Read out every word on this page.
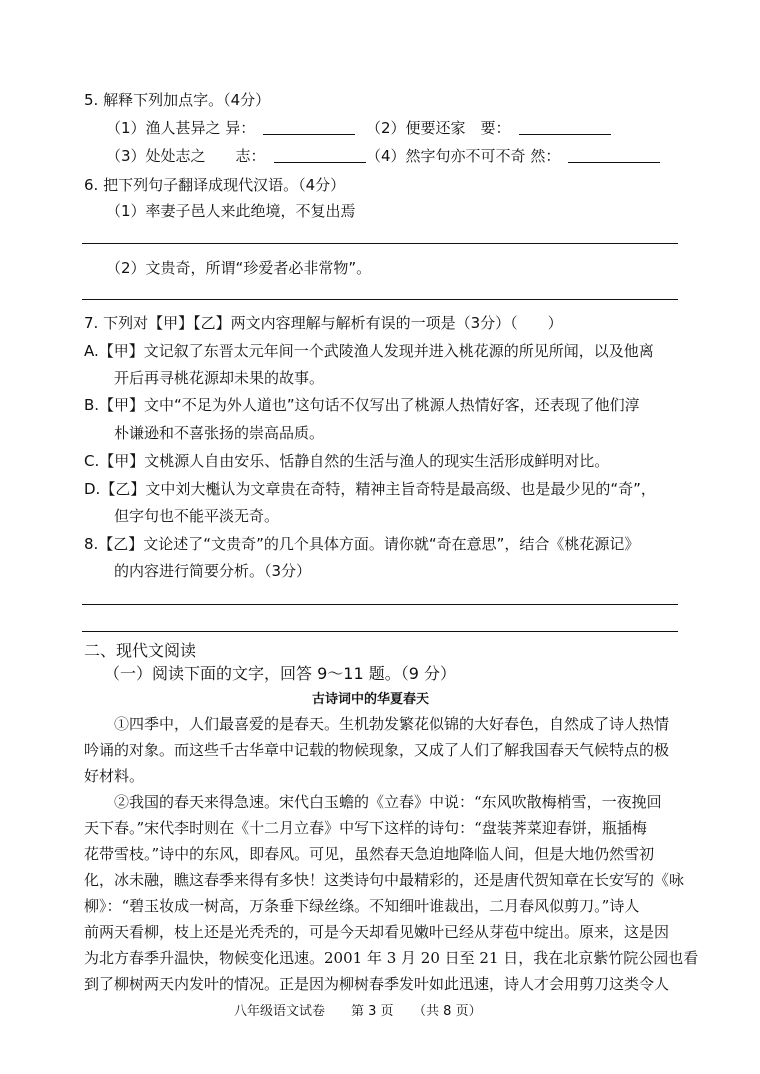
5. 解释下列加点字。（4分）
（1）渔人甚异之 异：	（2）便要还家　要：
（3）处处志之　　志：	（4）然字句亦不可不奇 然：
6. 把下列句子翻译成现代汉语。（4分）
（1）率妻子邑人来此绝境，不复出焉
（2）文贵奇，所谓“珍爱者必非常物”。
7. 下列对【甲】【乙】两文内容理解与解析有误的一项是（3分）（　　）
A.【甲】文记叙了东晋太元年间一个武陵渔人发现并进入桃花源的所见所闻，以及他离
开后再寻桃花源却未果的故事。
B.【甲】文中“不足为外人道也”这句话不仅写出了桃源人热情好客，还表现了他们淳
朴谦逊和不喜张扬的崇高品质。
C.【甲】文桃源人自由安乐、恬静自然的生活与渔人的现实生活形成鲜明对比。
D.【乙】文中刘大櫆认为文章贵在奇特，精神主旨奇特是最高级、也是最少见的“奇”，
但字句也不能平淡无奇。
8.【乙】文论述了“文贵奇”的几个具体方面。请你就“奇在意思”，结合《桃花源记》
的内容进行简要分析。（3分）
二、现代文阅读
（一）阅读下面的文字，回答 9～11 题。（9 分）
古诗词中的华夏春天
①四季中，人们最喜爱的是春天。生机勃发繁花似锦的大好春色，自然成了诗人热情
吟诵的对象。而这些千古华章中记载的物候现象，又成了人们了解我国春天气候特点的极
好材料。
②我国的春天来得急速。宋代白玉蟾的《立春》中说：“东风吹散梅梢雪，一夜挽回
天下春。”宋代李时则在《十二月立春》中写下这样的诗句：“盘装荠菜迎春饼，瓶插梅
花带雪枝。”诗中的东风，即春风。可见，虽然春天急迫地降临人间，但是大地仍然雪初
化，冰未融，瞧这春季来得有多快！这类诗句中最精彩的，还是唐代贺知章在长安写的《咏
柳》：“碧玉妆成一树高，万条垂下绿丝绦。不知细叶谁裁出，二月春风似剪刀。”诗人
前两天看柳，枝上还是光秃秃的，可是今天却看见嫩叶已经从芽苞中绽出。原来，这是因
为北方春季升温快，物候变化迅速。2001 年 3 月 20 日至 21 日，我在北京紫竹院公园也看
到了柳树两天内发叶的情况。正是因为柳树春季发叶如此迅速，诗人才会用剪刀这类令人
八年级语文试卷　　第 3 页　　（共 8 页）
